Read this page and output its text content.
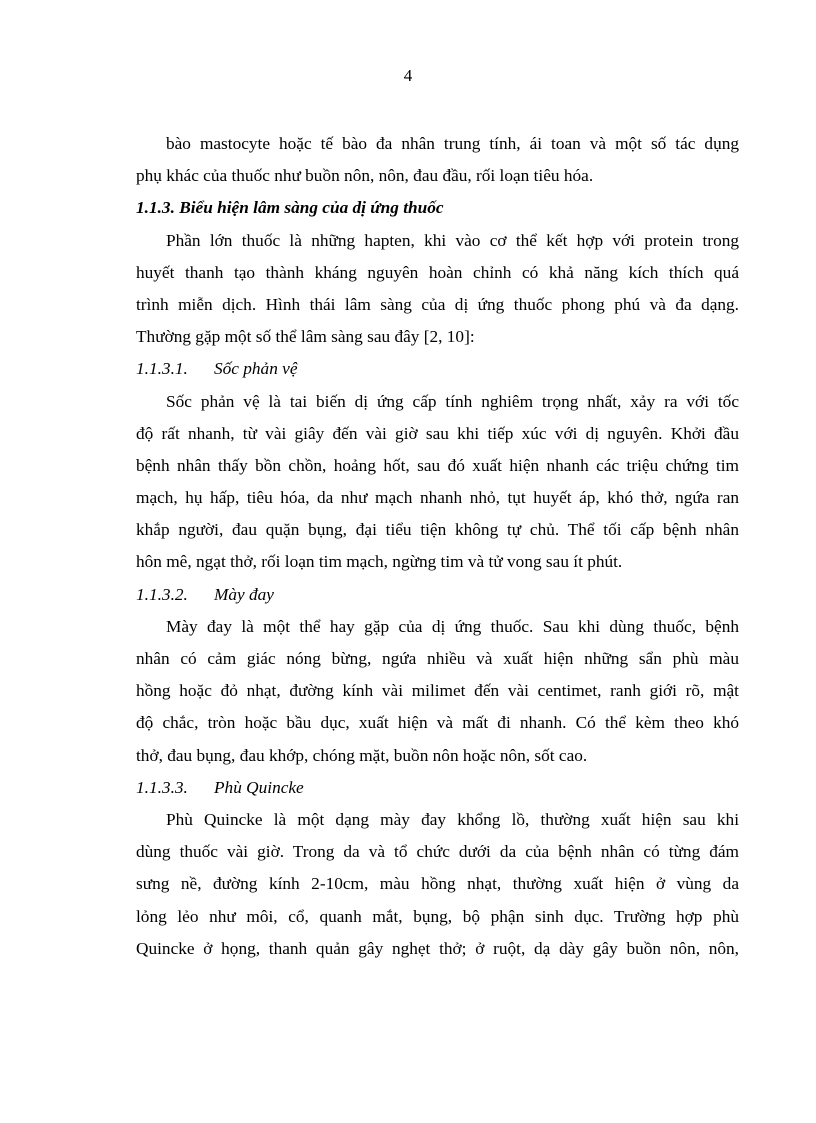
4
bào mastocyte hoặc tế bào đa nhân trung tính, ái toan và một số tác dụng
phụ khác của thuốc như buồn nôn, nôn, đau đầu, rối loạn tiêu hóa.
1.1.3. Biểu hiện lâm sàng của dị ứng thuốc
Phần lớn thuốc là những hapten, khi vào cơ thể kết hợp với protein trong
huyết thanh tạo thành kháng nguyên hoàn chỉnh có khả năng kích thích quá
trình miễn dịch. Hình thái lâm sàng của dị ứng thuốc phong phú và đa dạng.
Thường gặp một số thể lâm sàng sau đây [2, 10]:
1.1.3.1. Sốc phản vệ
Sốc phản vệ là tai biến dị ứng cấp tính nghiêm trọng nhất, xảy ra với tốc
độ rất nhanh, từ vài giây đến vài giờ sau khi tiếp xúc với dị nguyên. Khởi đầu
bệnh nhân thấy bồn chồn, hoảng hốt, sau đó xuất hiện nhanh các triệu chứng tim
mạch, hụ hấp, tiêu hóa, da như mạch nhanh nhỏ, tụt huyết áp, khó thở, ngứa ran
khắp người, đau quặn bụng, đại tiểu tiện không tự chủ. Thể tối cấp bệnh nhân
hôn mê, ngạt thở, rối loạn tim mạch, ngừng tim và tử vong sau ít phút.
1.1.3.2. Mày đay
Mày đay là một thể hay gặp của dị ứng thuốc. Sau khi dùng thuốc, bệnh
nhân có cảm giác nóng bừng, ngứa nhiều và xuất hiện những sẩn phù màu
hồng hoặc đỏ nhạt, đường kính vài milimet đến vài centimet, ranh giới rõ, mật
độ chắc, tròn hoặc bầu dục, xuất hiện và mất đi nhanh. Có thể kèm theo khó
thở, đau bụng, đau khớp, chóng mặt, buồn nôn hoặc nôn, sốt cao.
1.1.3.3. Phù Quincke
Phù Quincke là một dạng mày đay khổng lồ, thường xuất hiện sau khi
dùng thuốc vài giờ. Trong da và tổ chức dưới da của bệnh nhân có từng đám
sưng nề, đường kính 2-10cm, màu hồng nhạt, thường xuất hiện ở vùng da
lỏng lẻo như môi, cổ, quanh mắt, bụng, bộ phận sinh dục. Trường hợp phù
Quincke ở họng, thanh quản gây nghẹt thở; ở ruột, dạ dày gây buồn nôn, nôn,
